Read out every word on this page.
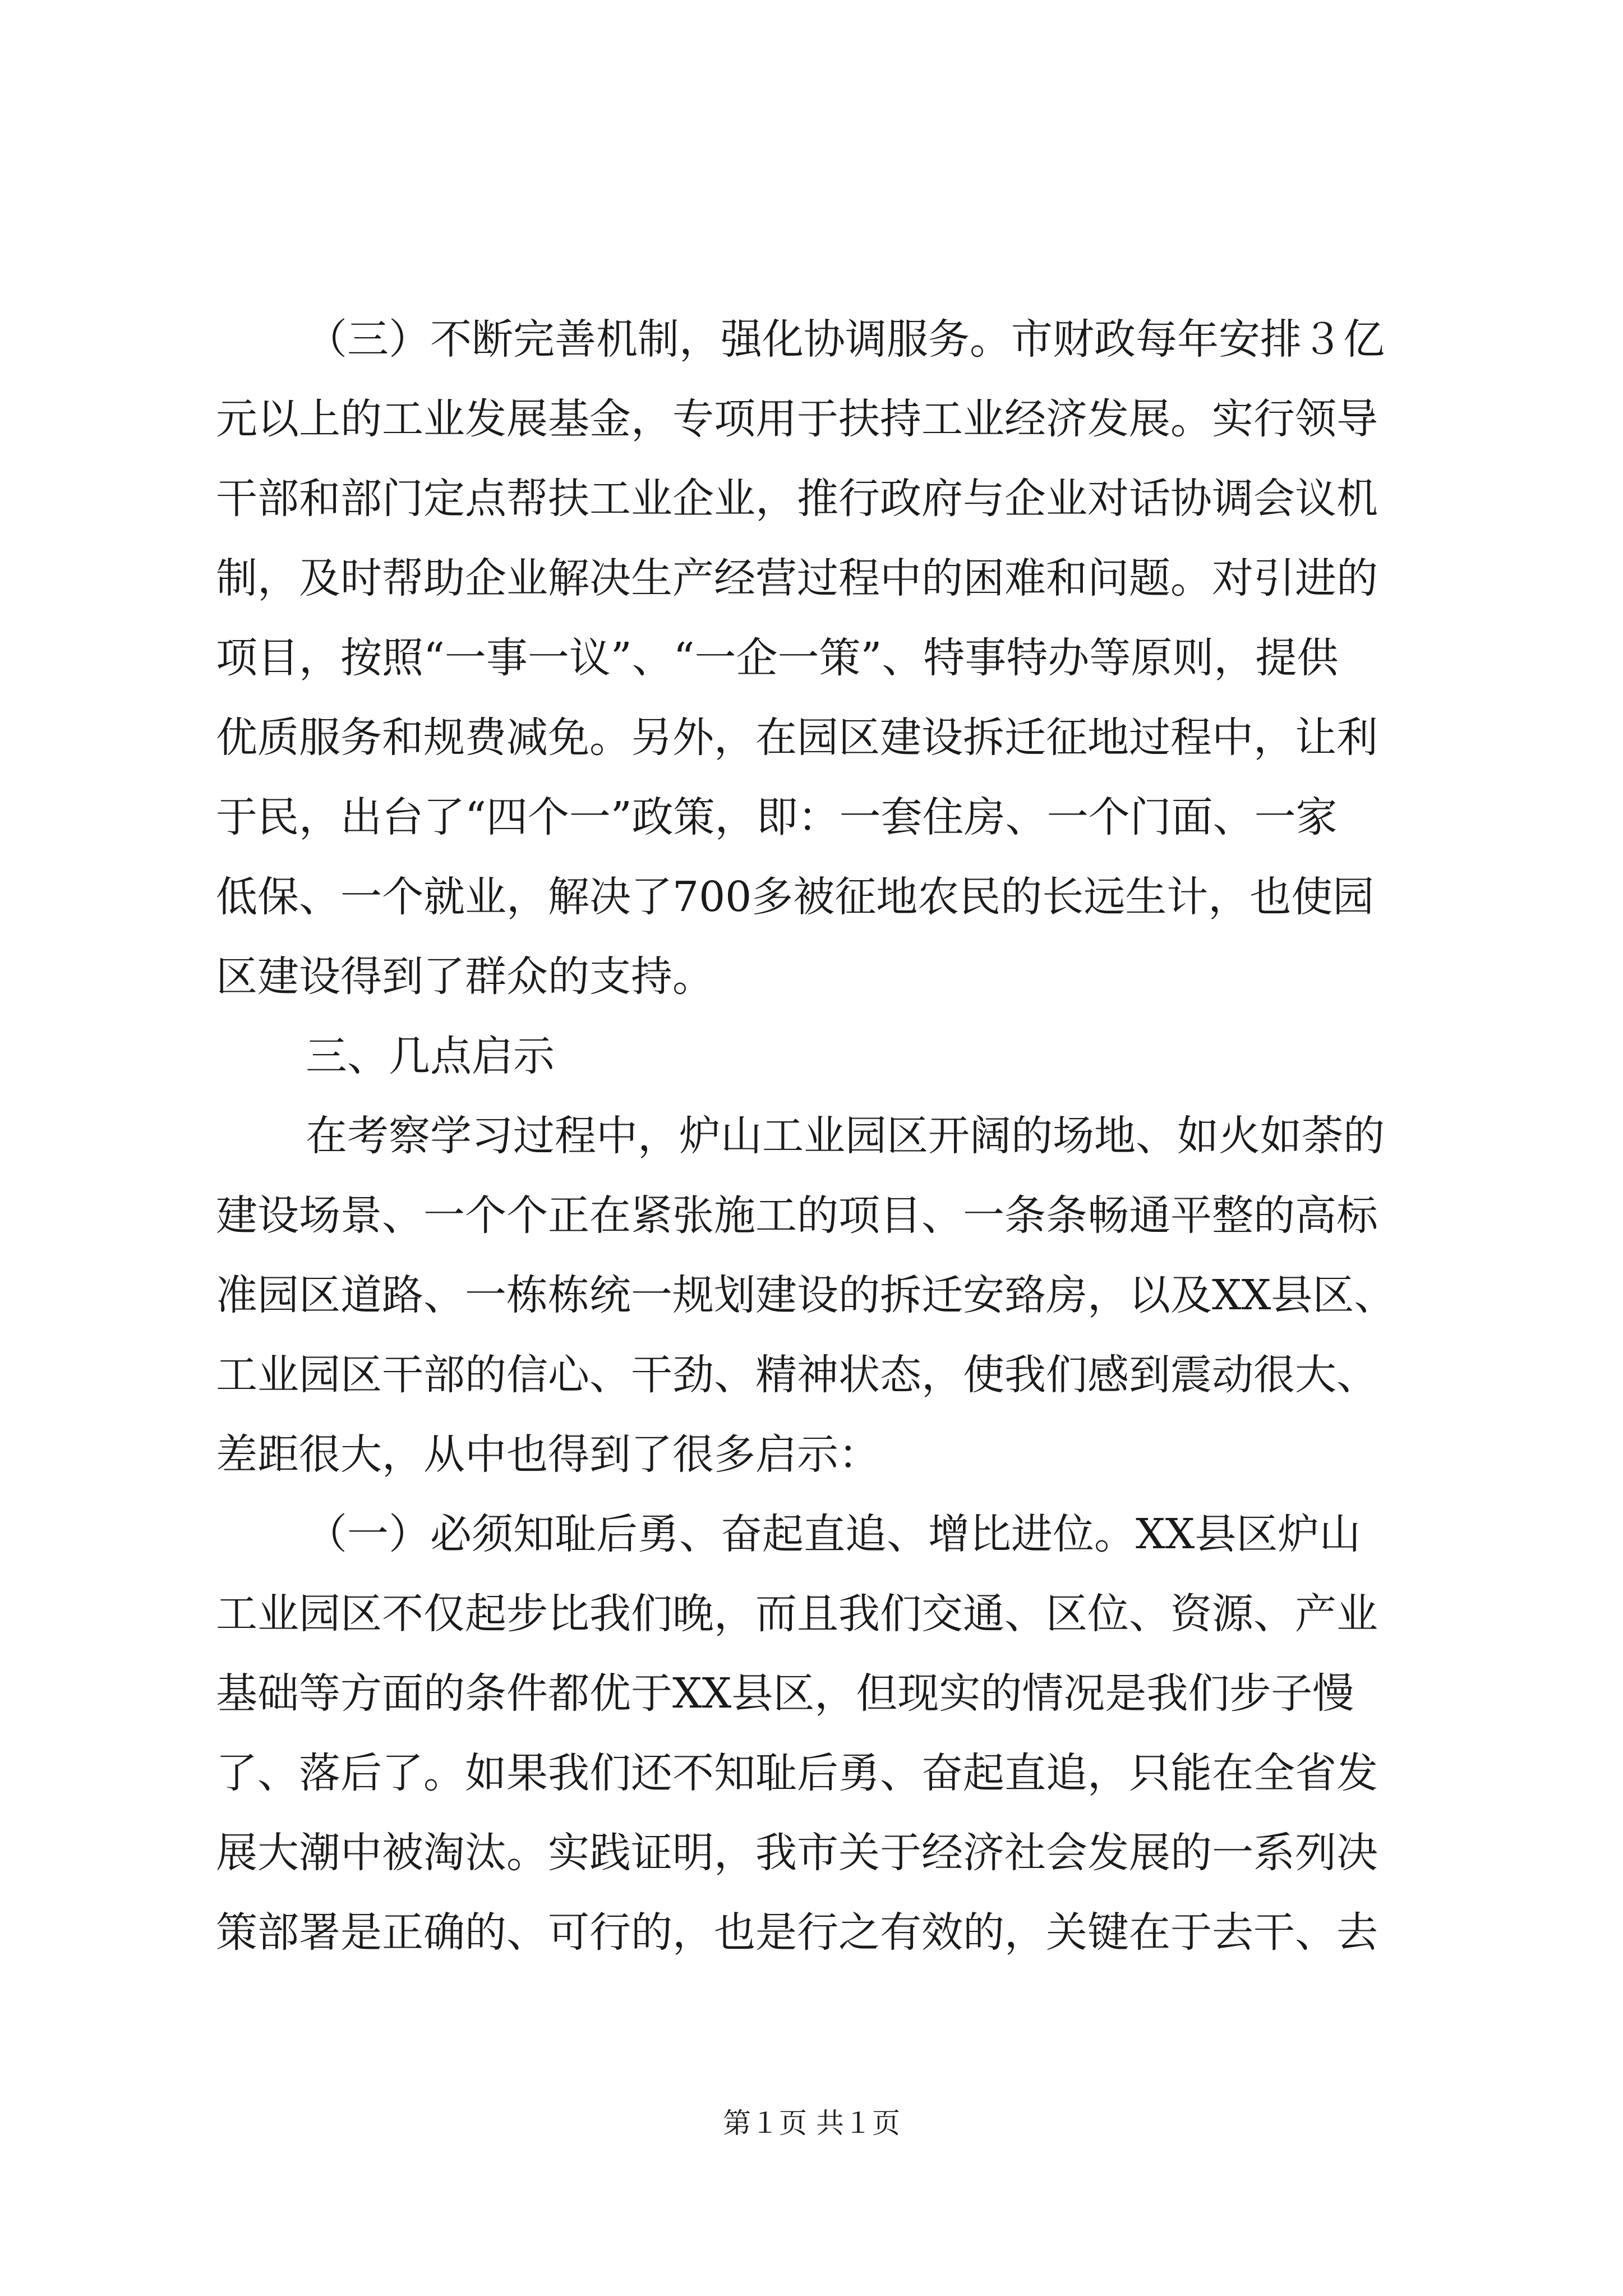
（三）不断完善机制，强化协调服务。市财政每年安排３亿
元以上的工业发展基金，专项用于扶持工业经济发展。实行领导
干部和部门定点帮扶工业企业，推行政府与企业对话协调会议机
制，及时帮助企业解决生产经营过程中的困难和问题。对引进的
项目，按照“一事一议”、“一企一策”、特事特办等原则，提供
优质服务和规费减免。另外，在园区建设拆迁征地过程中，让利
于民，出台了“四个一”政策，即：一套住房、一个门面、一家
低保、一个就业，解决了700多被征地农民的长远生计，也使园
区建设得到了群众的支持。
三、几点启示
在考察学习过程中，炉山工业园区开阔的场地、如火如荼的
建设场景、一个个正在紧张施工的项目、一条条畅通平整的高标
准园区道路、一栋栋统一规划建设的拆迁安臵房，以及XX县区、
工业园区干部的信心、干劲、精神状态，使我们感到震动很大、
差距很大，从中也得到了很多启示：
（一）必须知耻后勇、奋起直追、增比进位。XX县区炉山
工业园区不仅起步比我们晚，而且我们交通、区位、资源、产业
基础等方面的条件都优于XX县区，但现实的情况是我们步子慢
了、落后了。如果我们还不知耻后勇、奋起直追，只能在全省发
展大潮中被淘汰。实践证明，我市关于经济社会发展的一系列决
策部署是正确的、可行的，也是行之有效的，关键在于去干、去
第１页 共１页
